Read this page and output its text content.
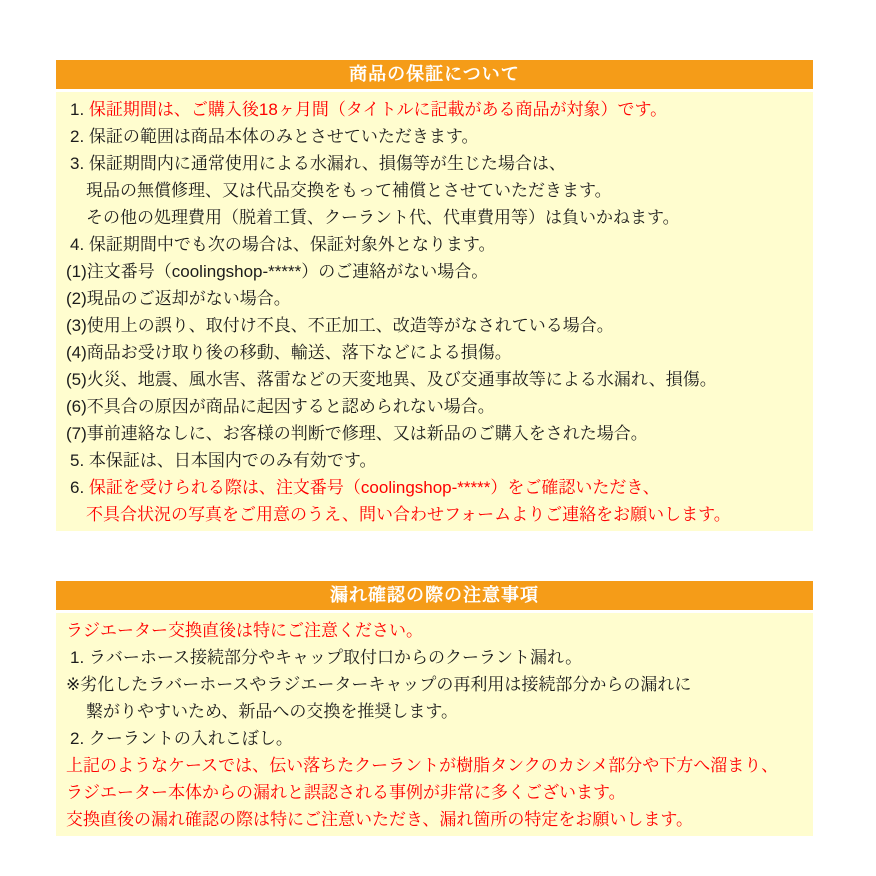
商品の保証について
1. 保証期間は、ご購入後18ヶ月間（タイトルに記載がある商品が対象）です。
2. 保証の範囲は商品本体のみとさせていただきます。
3. 保証期間内に通常使用による水漏れ、損傷等が生じた場合は、
現品の無償修理、又は代品交換をもって補償とさせていただきます。
その他の処理費用（脱着工賃、クーラント代、代車費用等）は負いかねます。
4. 保証期間中でも次の場合は、保証対象外となります。
(1)注文番号（coolingshop-*****）のご連絡がない場合。
(2)現品のご返却がない場合。
(3)使用上の誤り、取付け不良、不正加工、改造等がなされている場合。
(4)商品お受け取り後の移動、輸送、落下などによる損傷。
(5)火災、地震、風水害、落雷などの天変地異、及び交通事故等による水漏れ、損傷。
(6)不具合の原因が商品に起因すると認められない場合。
(7)事前連絡なしに、お客様の判断で修理、又は新品のご購入をされた場合。
5. 本保証は、日本国内でのみ有効です。
6. 保証を受けられる際は、注文番号（coolingshop-*****）をご確認いただき、
不具合状況の写真をご用意のうえ、問い合わせフォームよりご連絡をお願いします。
漏れ確認の際の注意事項
ラジエーター交換直後は特にご注意ください。
1. ラバーホース接続部分やキャップ取付口からのクーラント漏れ。
※劣化したラバーホースやラジエーターキャップの再利用は接続部分からの漏れに
繋がりやすいため、新品への交換を推奨します。
2. クーラントの入れこぼし。
上記のようなケースでは、伝い落ちたクーラントが樹脂タンクのカシメ部分や下方へ溜まり、
ラジエーター本体からの漏れと誤認される事例が非常に多くございます。
交換直後の漏れ確認の際は特にご注意いただき、漏れ箇所の特定をお願いします。
